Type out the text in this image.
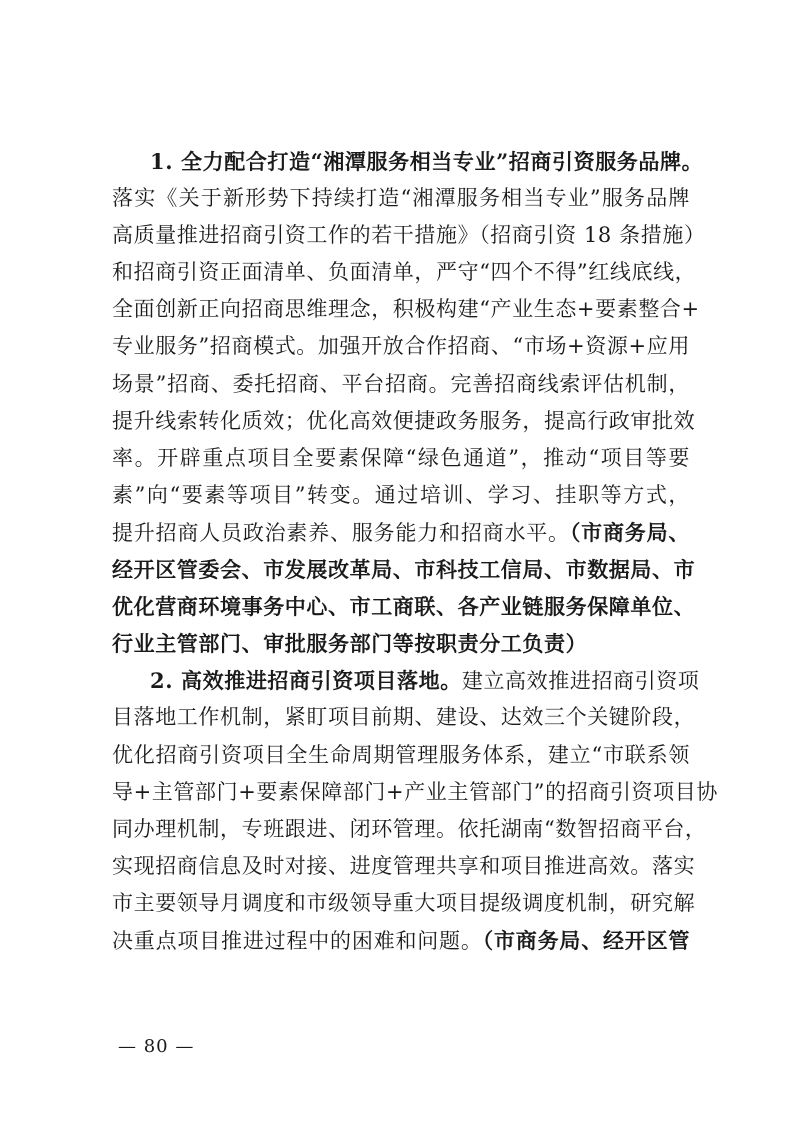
1. 全力配合打造“湘潭服务相当专业”招商引资服务品牌。
落实《关于新形势下持续打造“湘潭服务相当专业”服务品牌
高质量推进招商引资工作的若干措施》（招商引资 18 条措施）
和招商引资正面清单、负面清单，严守“四个不得”红线底线，
全面创新正向招商思维理念，积极构建“产业生态+要素整合+
专业服务”招商模式。加强开放合作招商、“市场+资源+应用
场景”招商、委托招商、平台招商。完善招商线索评估机制，
提升线索转化质效；优化高效便捷政务服务，提高行政审批效
率。开辟重点项目全要素保障“绿色通道”，推动“项目等要
素”向“要素等项目”转变。通过培训、学习、挂职等方式，
提升招商人员政治素养、服务能力和招商水平。（市商务局、
经开区管委会、市发展改革局、市科技工信局、市数据局、市
优化营商环境事务中心、市工商联、各产业链服务保障单位、
行业主管部门、审批服务部门等按职责分工负责）
2. 高效推进招商引资项目落地。建立高效推进招商引资项
目落地工作机制，紧盯项目前期、建设、达效三个关键阶段，
优化招商引资项目全生命周期管理服务体系，建立“市联系领
导+主管部门+要素保障部门+产业主管部门”的招商引资项目协
同办理机制，专班跟进、闭环管理。依托湖南“数智招商平台，
实现招商信息及时对接、进度管理共享和项目推进高效。落实
市主要领导月调度和市级领导重大项目提级调度机制，研究解
决重点项目推进过程中的困难和问题。（市商务局、经开区管
— 80 —
